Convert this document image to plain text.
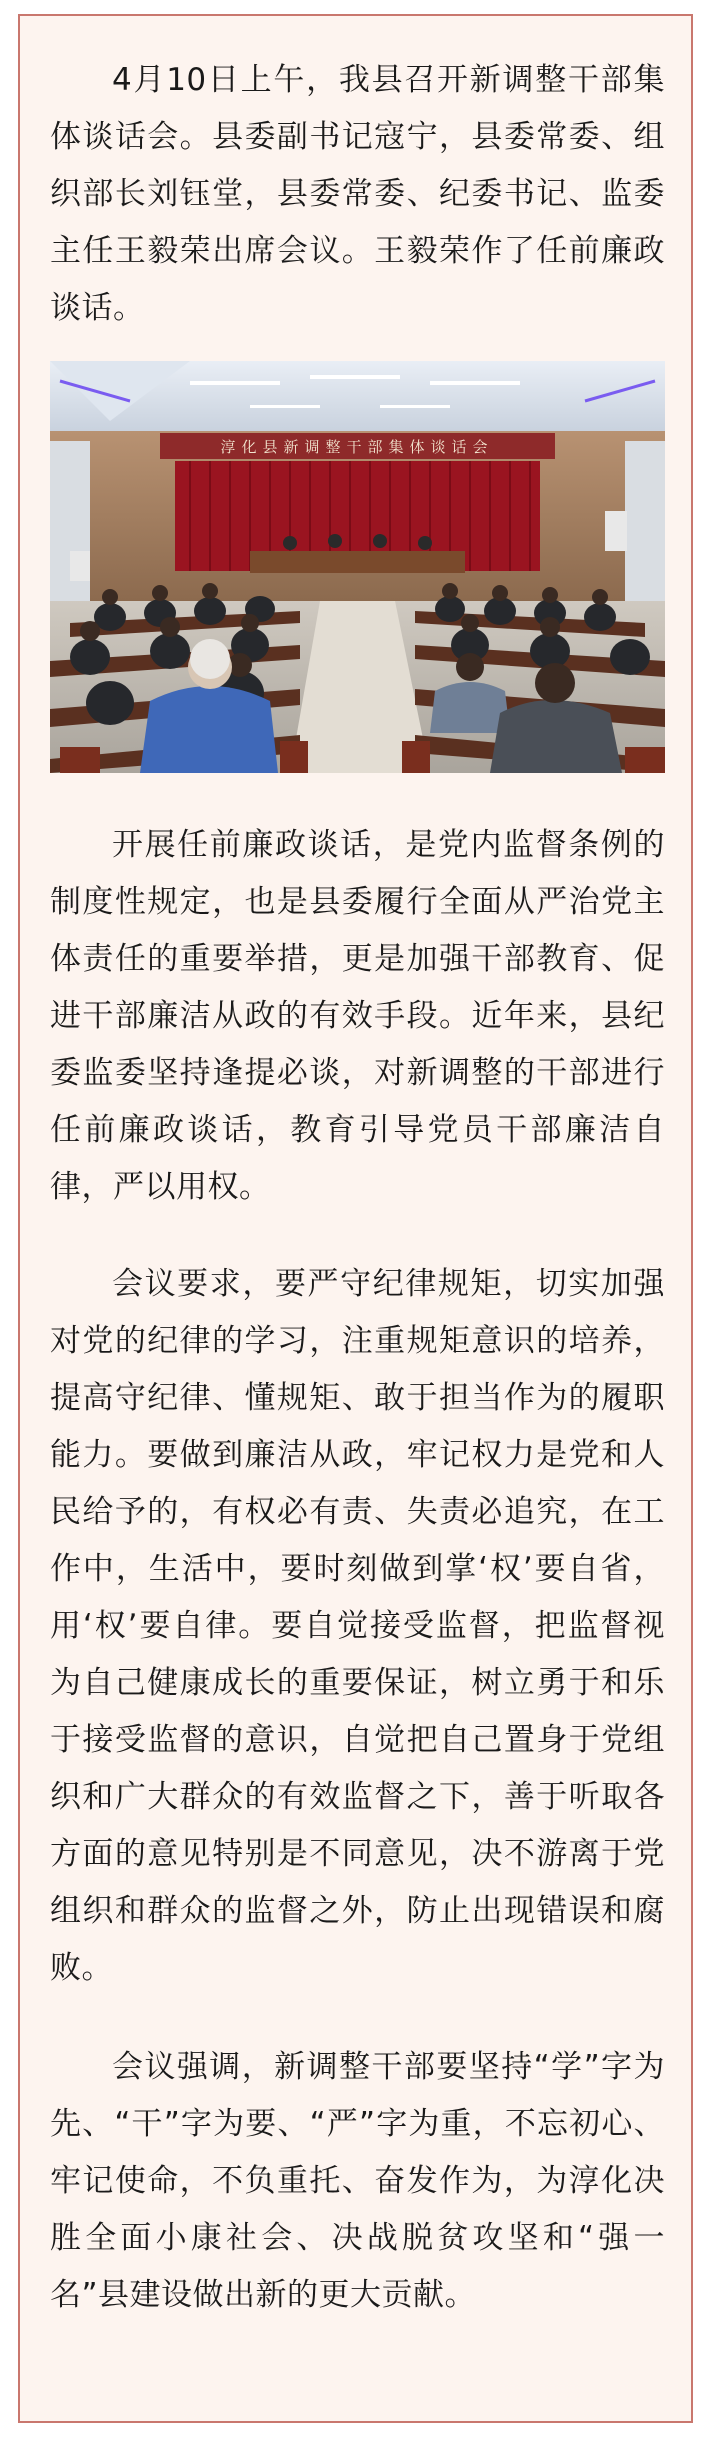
4月10日上午，我县召开新调整干部集体谈话会。县委副书记寇宁，县委常委、组织部长刘钰堂，县委常委、纪委书记、监委主任王毅荣出席会议。王毅荣作了任前廉政谈话。

淳化县新调整干部集体谈话会

开展任前廉政谈话，是党内监督条例的制度性规定，也是县委履行全面从严治党主体责任的重要举措，更是加强干部教育、促进干部廉洁从政的有效手段。近年来，县纪委监委坚持逢提必谈，对新调整的干部进行任前廉政谈话，教育引导党员干部廉洁自律，严以用权。

会议要求，要严守纪律规矩，切实加强对党的纪律的学习，注重规矩意识的培养，提高守纪律、懂规矩、敢于担当作为的履职能力。要做到廉洁从政，牢记权力是党和人民给予的，有权必有责、失责必追究，在工作中，生活中，要时刻做到掌‘权’要自省，用‘权’要自律。要自觉接受监督，把监督视为自己健康成长的重要保证，树立勇于和乐于接受监督的意识，自觉把自己置身于党组织和广大群众的有效监督之下，善于听取各方面的意见特别是不同意见，决不游离于党组织和群众的监督之外，防止出现错误和腐败。

会议强调，新调整干部要坚持“学”字为先、“干”字为要、“严”字为重，不忘初心、牢记使命，不负重托、奋发作为，为淳化决胜全面小康社会、决战脱贫攻坚和“强一名”县建设做出新的更大贡献。
